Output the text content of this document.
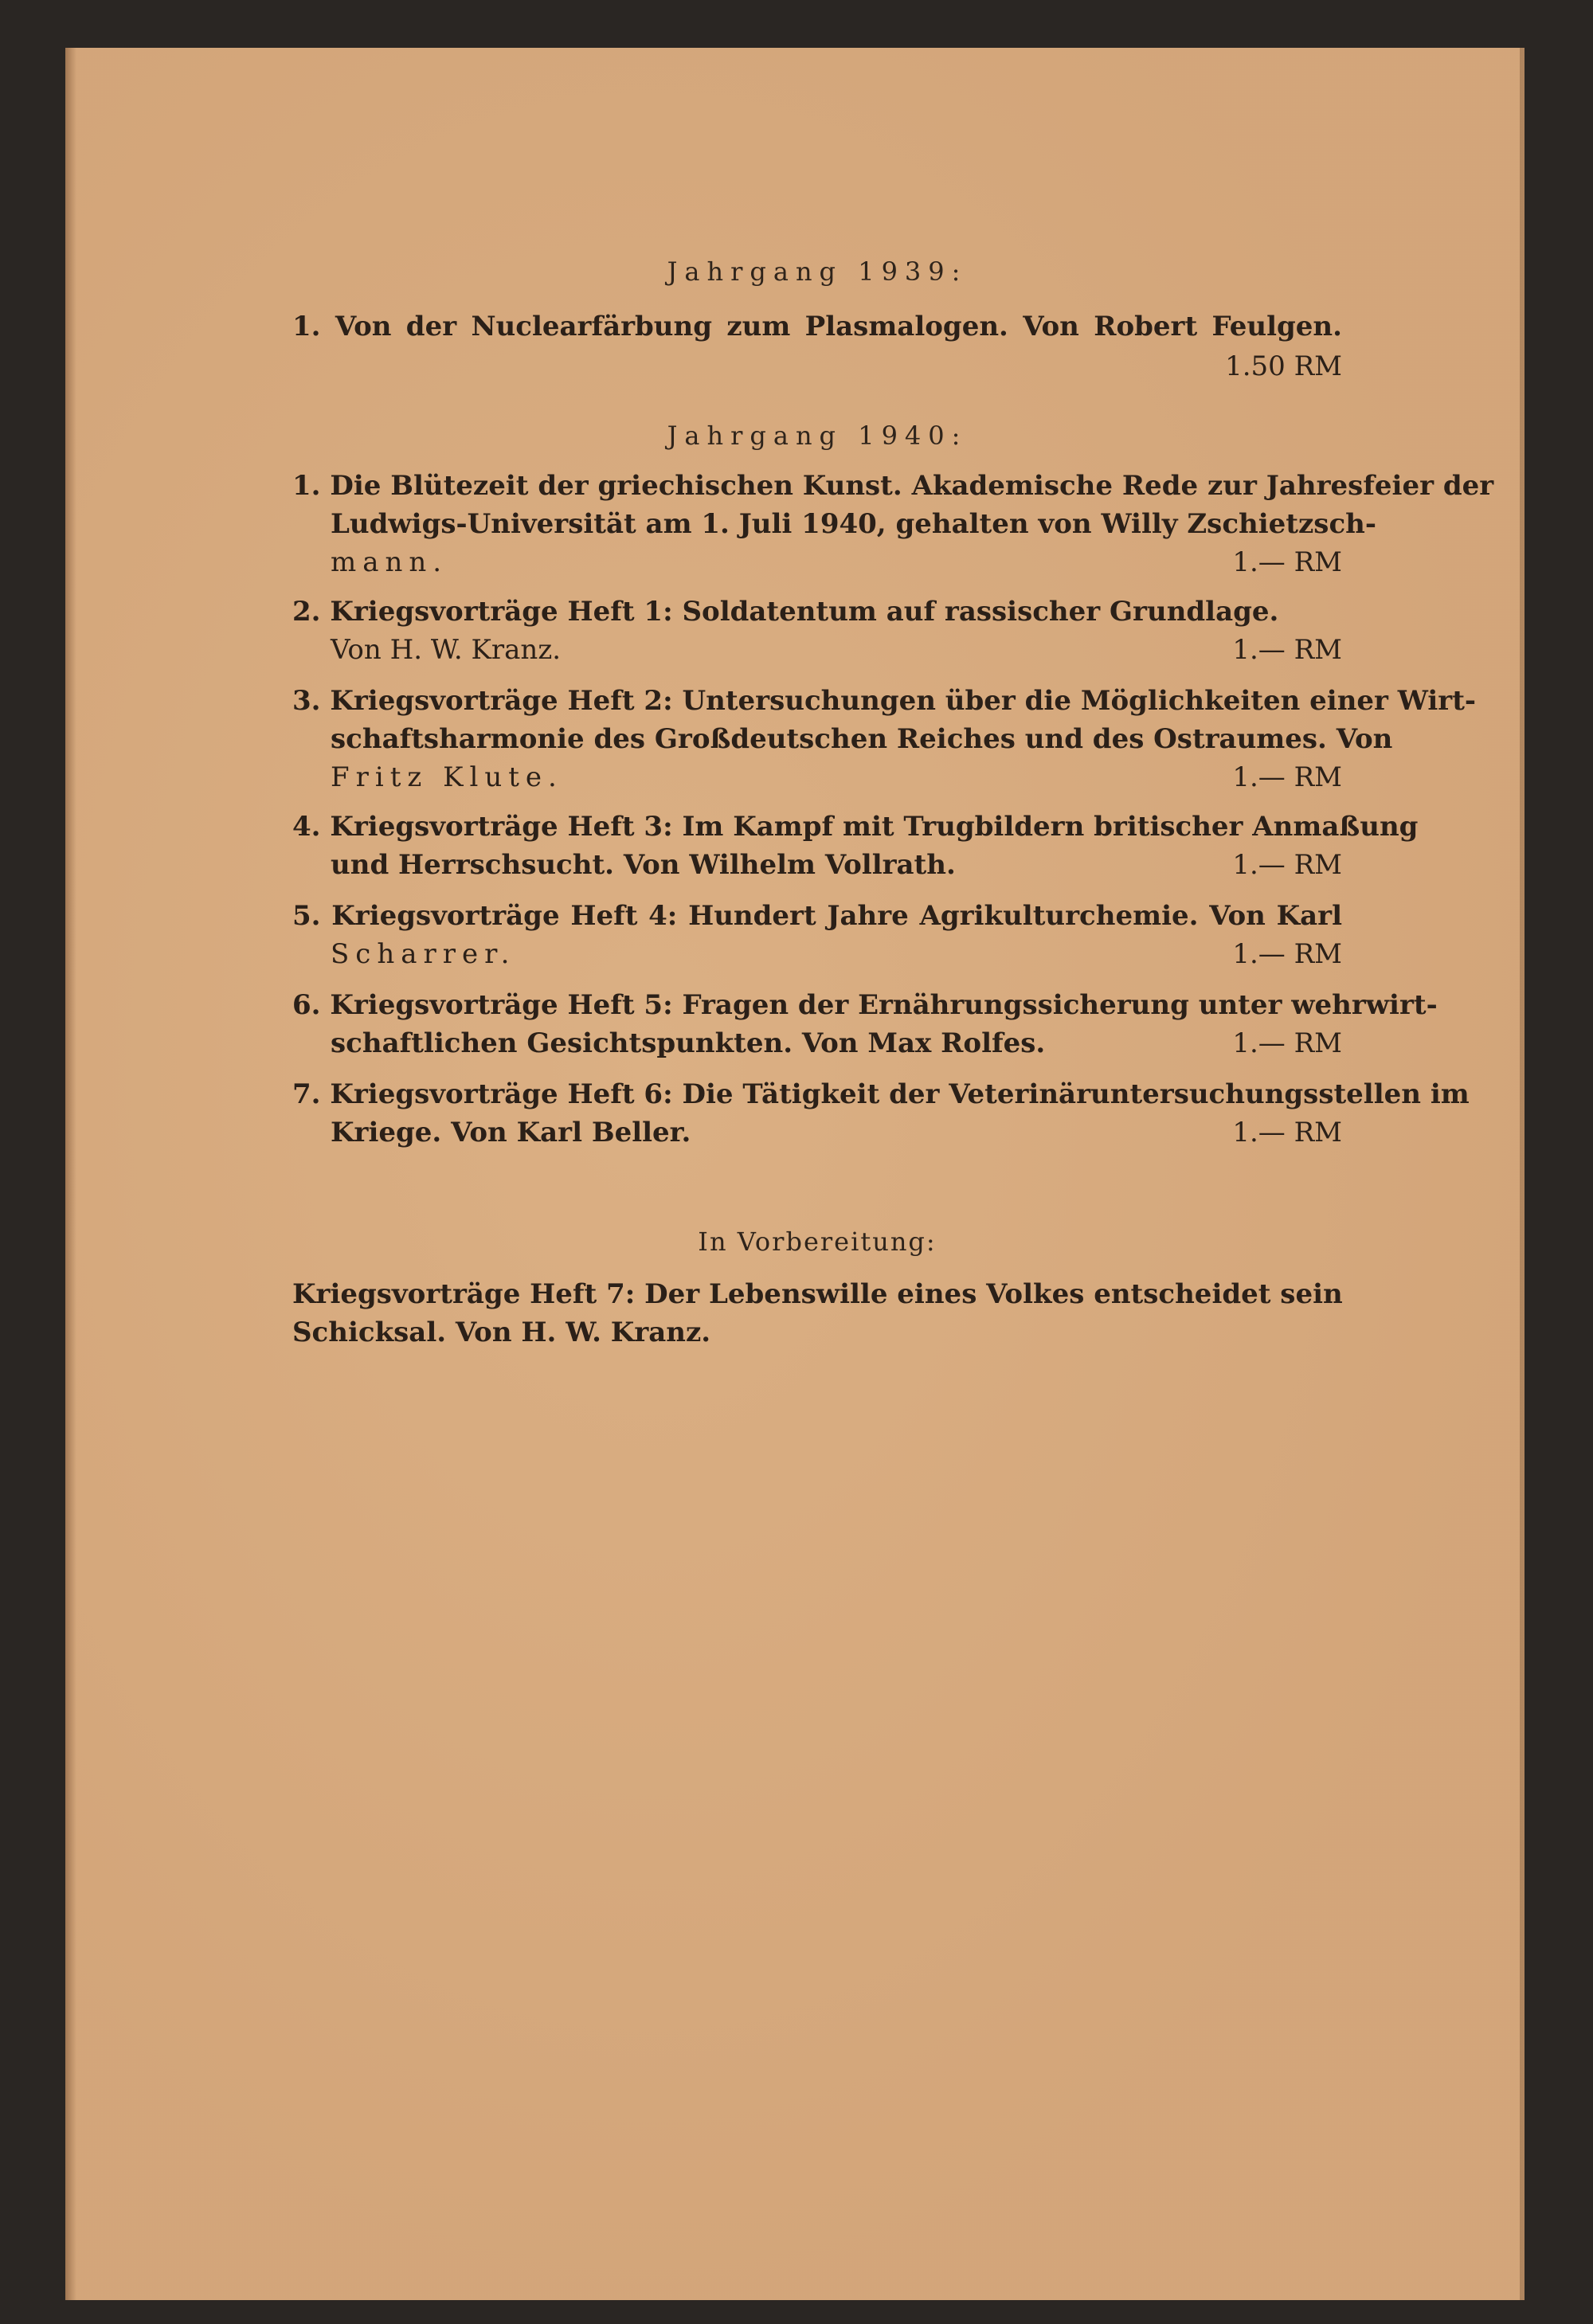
Jahrgang 1939:
1. Von der Nuclearfärbung zum Plasmalogen. Von Robert Feulgen.
1.50 RM
Jahrgang 1940:
1. Die Blütezeit der griechischen Kunst. Akademische Rede zur Jahresfeier der
Ludwigs-Universität am 1. Juli 1940, gehalten von Willy Zschietzsch-
mann.	1.— RM
2. Kriegsvorträge Heft 1: Soldatentum auf rassischer Grundlage.
Von H. W. Kranz.	1.— RM
3. Kriegsvorträge Heft 2: Untersuchungen über die Möglichkeiten einer Wirt-
schaftsharmonie des Großdeutschen Reiches und des Ostraumes. Von
Fritz Klute.	1.— RM
4. Kriegsvorträge Heft 3: Im Kampf mit Trugbildern britischer Anmaßung
und Herrschsucht. Von Wilhelm Vollrath.	1.— RM
5. Kriegsvorträge Heft 4: Hundert Jahre Agrikulturchemie. Von Karl
Scharrer.	1.— RM
6. Kriegsvorträge Heft 5: Fragen der Ernährungssicherung unter wehrwirt-
schaftlichen Gesichtspunkten. Von Max Rolfes.	1.— RM
7. Kriegsvorträge Heft 6: Die Tätigkeit der Veterinäruntersuchungsstellen im
Kriege. Von Karl Beller.	1.— RM
In Vorbereitung:
Kriegsvorträge Heft 7: Der Lebenswille eines Volkes entscheidet sein
Schicksal. Von H. W. Kranz.
